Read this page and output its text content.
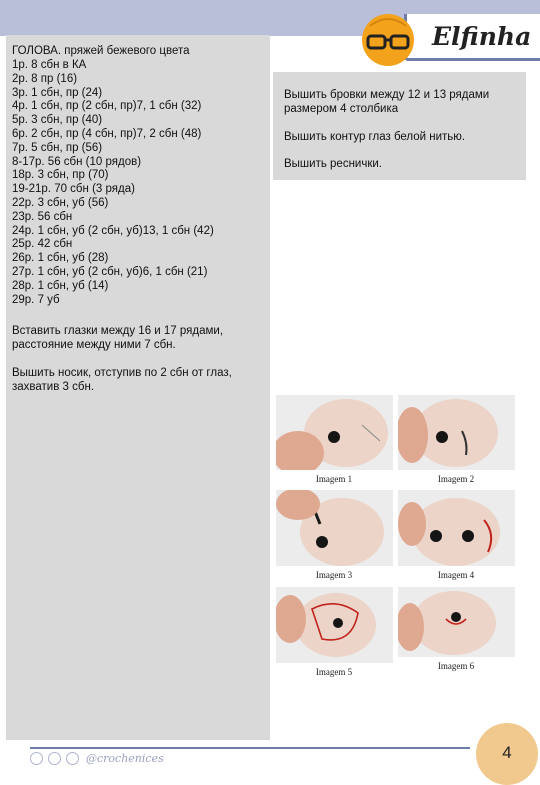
Elfinha

ГОЛОВА. пряжей бежевого цвета

1р. 8 сбн в КА

2р. 8 пр (16)

3р. 1 сбн, пр (24)

4р. 1 сбн, пр (2 сбн, пр)7, 1 сбн (32)

5р. 3 сбн, пр (40)

6р. 2 сбн, пр (4 сбн, пр)7, 2 сбн (48)

7р. 5 сбн, пр (56)

8-17р. 56 сбн (10 рядов)

18р. 3 сбн, пр (70)

19-21р. 70 сбн (3 ряда)

22р. 3 сбн, уб (56)

23р. 56 сбн

24р. 1 сбн, уб (2 сбн, уб)13, 1 сбн (42)

25р. 42 сбн

26р. 1 сбн, уб (28)

27р. 1 сбн, уб (2 сбн, уб)6, 1 сбн (21)

28р. 1 сбн, уб (14)

29р. 7 уб

Вставить глазки между 16 и 17 рядами,
расстояние между ними 7 сбн.

Вышить носик, отступив по 2 сбн от глаз,
захватив 3 сбн.

Вышить бровки между 12 и 13 рядами
размером 4 столбика

Вышить контур глаз белой нитью.

Вышить реснички.

Imagem 1	Imagem 2
Imagem 3	Imagem 4
Imagem 5
Imagem 6
@crochenices	4
